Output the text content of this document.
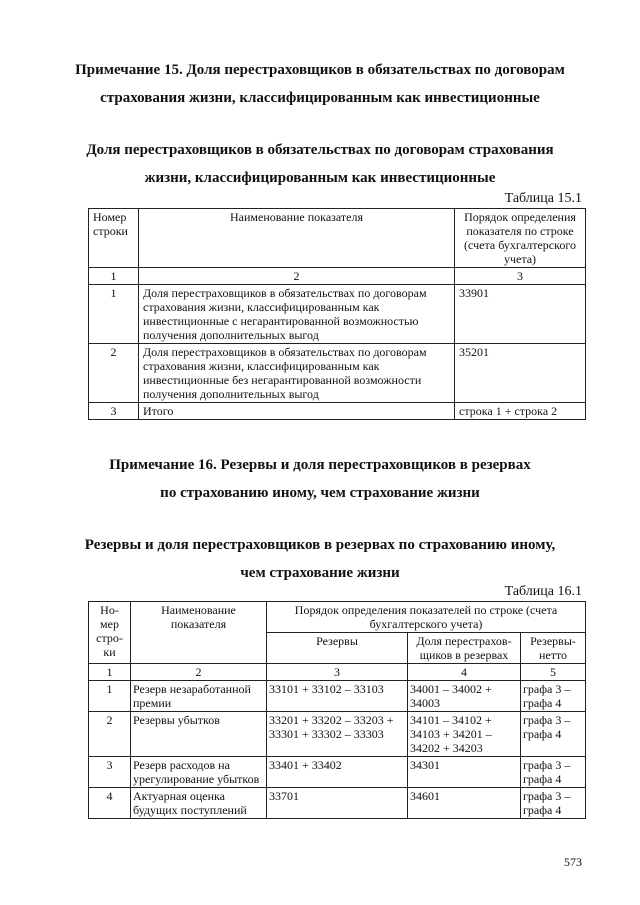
Примечание 15. Доля перестраховщиков в обязательствах по договорам
страхования жизни, классифицированным как инвестиционные
Доля перестраховщиков в обязательствах по договорам страхования
жизни, классифицированным как инвестиционные
Таблица 15.1
Номер строки	Наименование показателя	Порядок определения показателя по строке (счета бухгалтерского учета)
1	2	3
1	Доля перестраховщиков в обязательствах по договорам страхования жизни, классифицированным как инвестиционные с негарантированной возможностью получения дополнительных выгод	33901
2	Доля перестраховщиков в обязательствах по договорам страхования жизни, классифицированным как инвестиционные без негарантированной возможности получения дополнительных выгод	35201
3	Итого	строка 1 + строка 2
Примечание 16. Резервы и доля перестраховщиков в резервах
по страхованию иному, чем страхование жизни
Резервы и доля перестраховщиков в резервах по страхованию иному,
чем страхование жизни
Таблица 16.1
Но-мер стро-ки	Наименование показателя	Порядок определения показателей по строке (счета бухгалтерского учета)		
		Резервы	Доля перестрахов-щиков в резервах	Резервы-нетто
1	2	3	4	5
1	Резерв незаработанной премии	33101 + 33102 – 33103	34001 – 34002 + 34003	графа 3 – графа 4
2	Резервы убытков	33201 + 33202 – 33203 + 33301 + 33302 – 33303	34101 – 34102 + 34103 + 34201 – 34202 + 34203	графа 3 – графа 4
3	Резерв расходов на урегулирование убытков	33401 + 33402	34301	графа 3 – графа 4
4	Актуарная оценка будущих поступлений	33701	34601	графа 3 – графа 4
573
